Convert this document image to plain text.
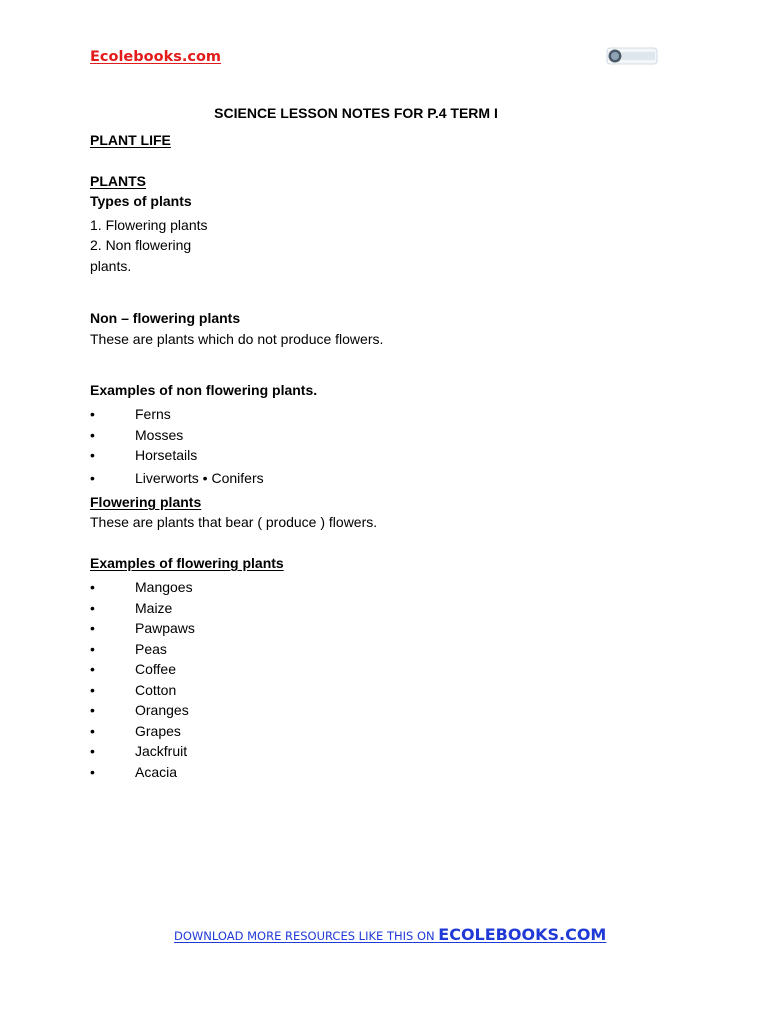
Ecolebooks.com
SCIENCE LESSON NOTES FOR P.4 TERM I
PLANT LIFE
PLANTS
Types of plants
1. Flowering plants
2. Non flowering
plants.
Non – flowering plants
These are plants which do not produce flowers.
Examples of non flowering plants.
•	Ferns
•	Mosses
•	Horsetails
•	Liverworts • Conifers
Flowering plants
These are plants that bear ( produce ) flowers.
Examples of flowering plants
•	Mangoes
•	Maize
•	Pawpaws
•	Peas
•	Coffee
•	Cotton
•	Oranges
•	Grapes
•	Jackfruit
•	Acacia
DOWNLOAD MORE RESOURCES LIKE THIS ON ECOLEBOOKS.COM
